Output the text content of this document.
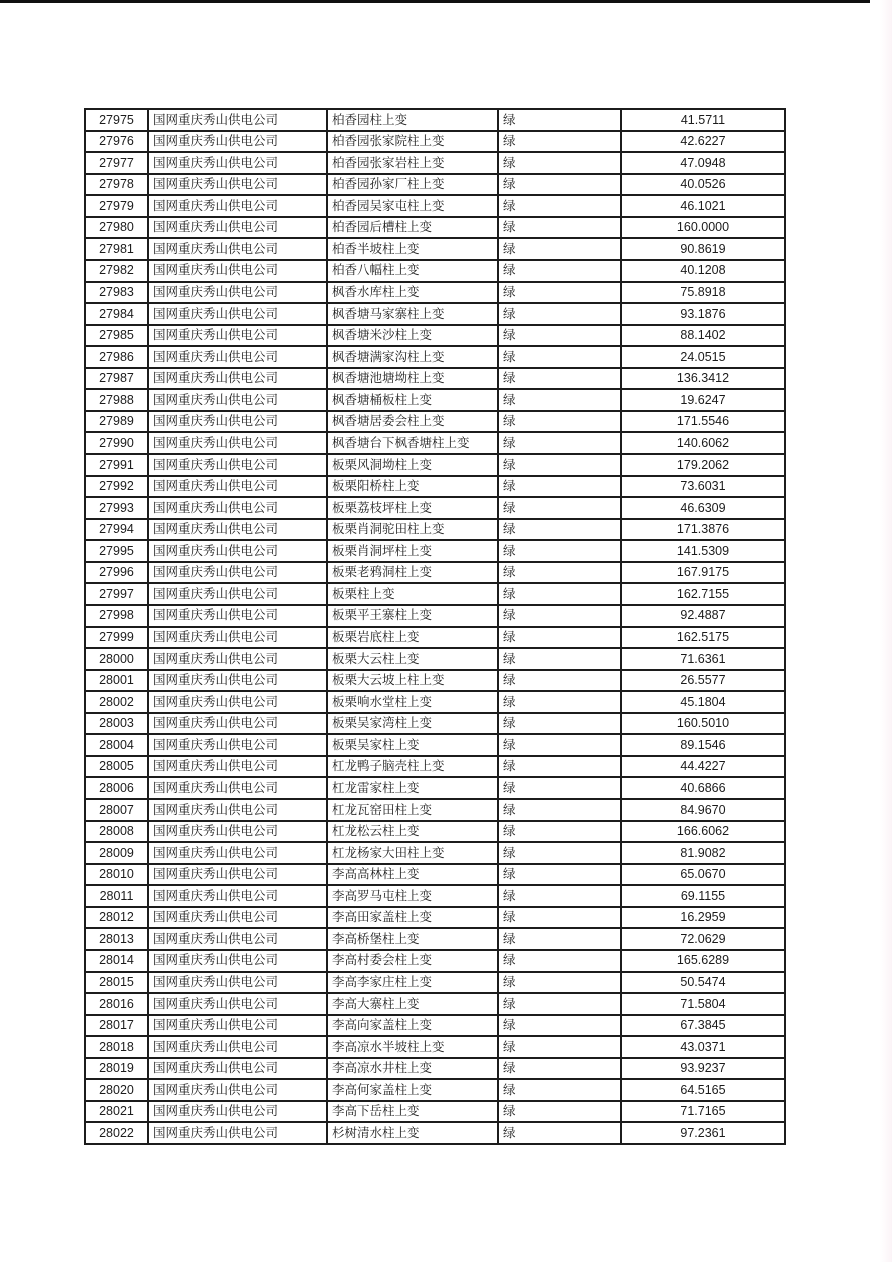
27975	国网重庆秀山供电公司	柏香园柱上变	绿	41.5711
27976	国网重庆秀山供电公司	柏香园张家院柱上变	绿	42.6227
27977	国网重庆秀山供电公司	柏香园张家岩柱上变	绿	47.0948
27978	国网重庆秀山供电公司	柏香园孙家厂柱上变	绿	40.0526
27979	国网重庆秀山供电公司	柏香园吴家屯柱上变	绿	46.1021
27980	国网重庆秀山供电公司	柏香园后槽柱上变	绿	160.0000
27981	国网重庆秀山供电公司	柏香半坡柱上变	绿	90.8619
27982	国网重庆秀山供电公司	柏香八幅柱上变	绿	40.1208
27983	国网重庆秀山供电公司	枫香水库柱上变	绿	75.8918
27984	国网重庆秀山供电公司	枫香塘马家寨柱上变	绿	93.1876
27985	国网重庆秀山供电公司	枫香塘米沙柱上变	绿	88.1402
27986	国网重庆秀山供电公司	枫香塘满家沟柱上变	绿	24.0515
27987	国网重庆秀山供电公司	枫香塘池塘坳柱上变	绿	136.3412
27988	国网重庆秀山供电公司	枫香塘桶板柱上变	绿	19.6247
27989	国网重庆秀山供电公司	枫香塘居委会柱上变	绿	171.5546
27990	国网重庆秀山供电公司	枫香塘台下枫香塘柱上变	绿	140.6062
27991	国网重庆秀山供电公司	板栗风洞坳柱上变	绿	179.2062
27992	国网重庆秀山供电公司	板栗阳桥柱上变	绿	73.6031
27993	国网重庆秀山供电公司	板栗荔枝坪柱上变	绿	46.6309
27994	国网重庆秀山供电公司	板栗肖洞驼田柱上变	绿	171.3876
27995	国网重庆秀山供电公司	板栗肖洞坪柱上变	绿	141.5309
27996	国网重庆秀山供电公司	板栗老鸦洞柱上变	绿	167.9175
27997	国网重庆秀山供电公司	板栗柱上变	绿	162.7155
27998	国网重庆秀山供电公司	板栗平王寨柱上变	绿	92.4887
27999	国网重庆秀山供电公司	板栗岩底柱上变	绿	162.5175
28000	国网重庆秀山供电公司	板栗大云柱上变	绿	71.6361
28001	国网重庆秀山供电公司	板栗大云坡上柱上变	绿	26.5577
28002	国网重庆秀山供电公司	板栗响水堂柱上变	绿	45.1804
28003	国网重庆秀山供电公司	板栗吴家湾柱上变	绿	160.5010
28004	国网重庆秀山供电公司	板栗吴家柱上变	绿	89.1546
28005	国网重庆秀山供电公司	杠龙鸭子脑壳柱上变	绿	44.4227
28006	国网重庆秀山供电公司	杠龙雷家柱上变	绿	40.6866
28007	国网重庆秀山供电公司	杠龙瓦窑田柱上变	绿	84.9670
28008	国网重庆秀山供电公司	杠龙松云柱上变	绿	166.6062
28009	国网重庆秀山供电公司	杠龙杨家大田柱上变	绿	81.9082
28010	国网重庆秀山供电公司	李高高林柱上变	绿	65.0670
28011	国网重庆秀山供电公司	李高罗马屯柱上变	绿	69.1155
28012	国网重庆秀山供电公司	李高田家盖柱上变	绿	16.2959
28013	国网重庆秀山供电公司	李高桥堡柱上变	绿	72.0629
28014	国网重庆秀山供电公司	李高村委会柱上变	绿	165.6289
28015	国网重庆秀山供电公司	李高李家庄柱上变	绿	50.5474
28016	国网重庆秀山供电公司	李高大寨柱上变	绿	71.5804
28017	国网重庆秀山供电公司	李高向家盖柱上变	绿	67.3845
28018	国网重庆秀山供电公司	李高凉水半坡柱上变	绿	43.0371
28019	国网重庆秀山供电公司	李高凉水井柱上变	绿	93.9237
28020	国网重庆秀山供电公司	李高何家盖柱上变	绿	64.5165
28021	国网重庆秀山供电公司	李高下岳柱上变	绿	71.7165
28022	国网重庆秀山供电公司	杉树清水柱上变	绿	97.2361
